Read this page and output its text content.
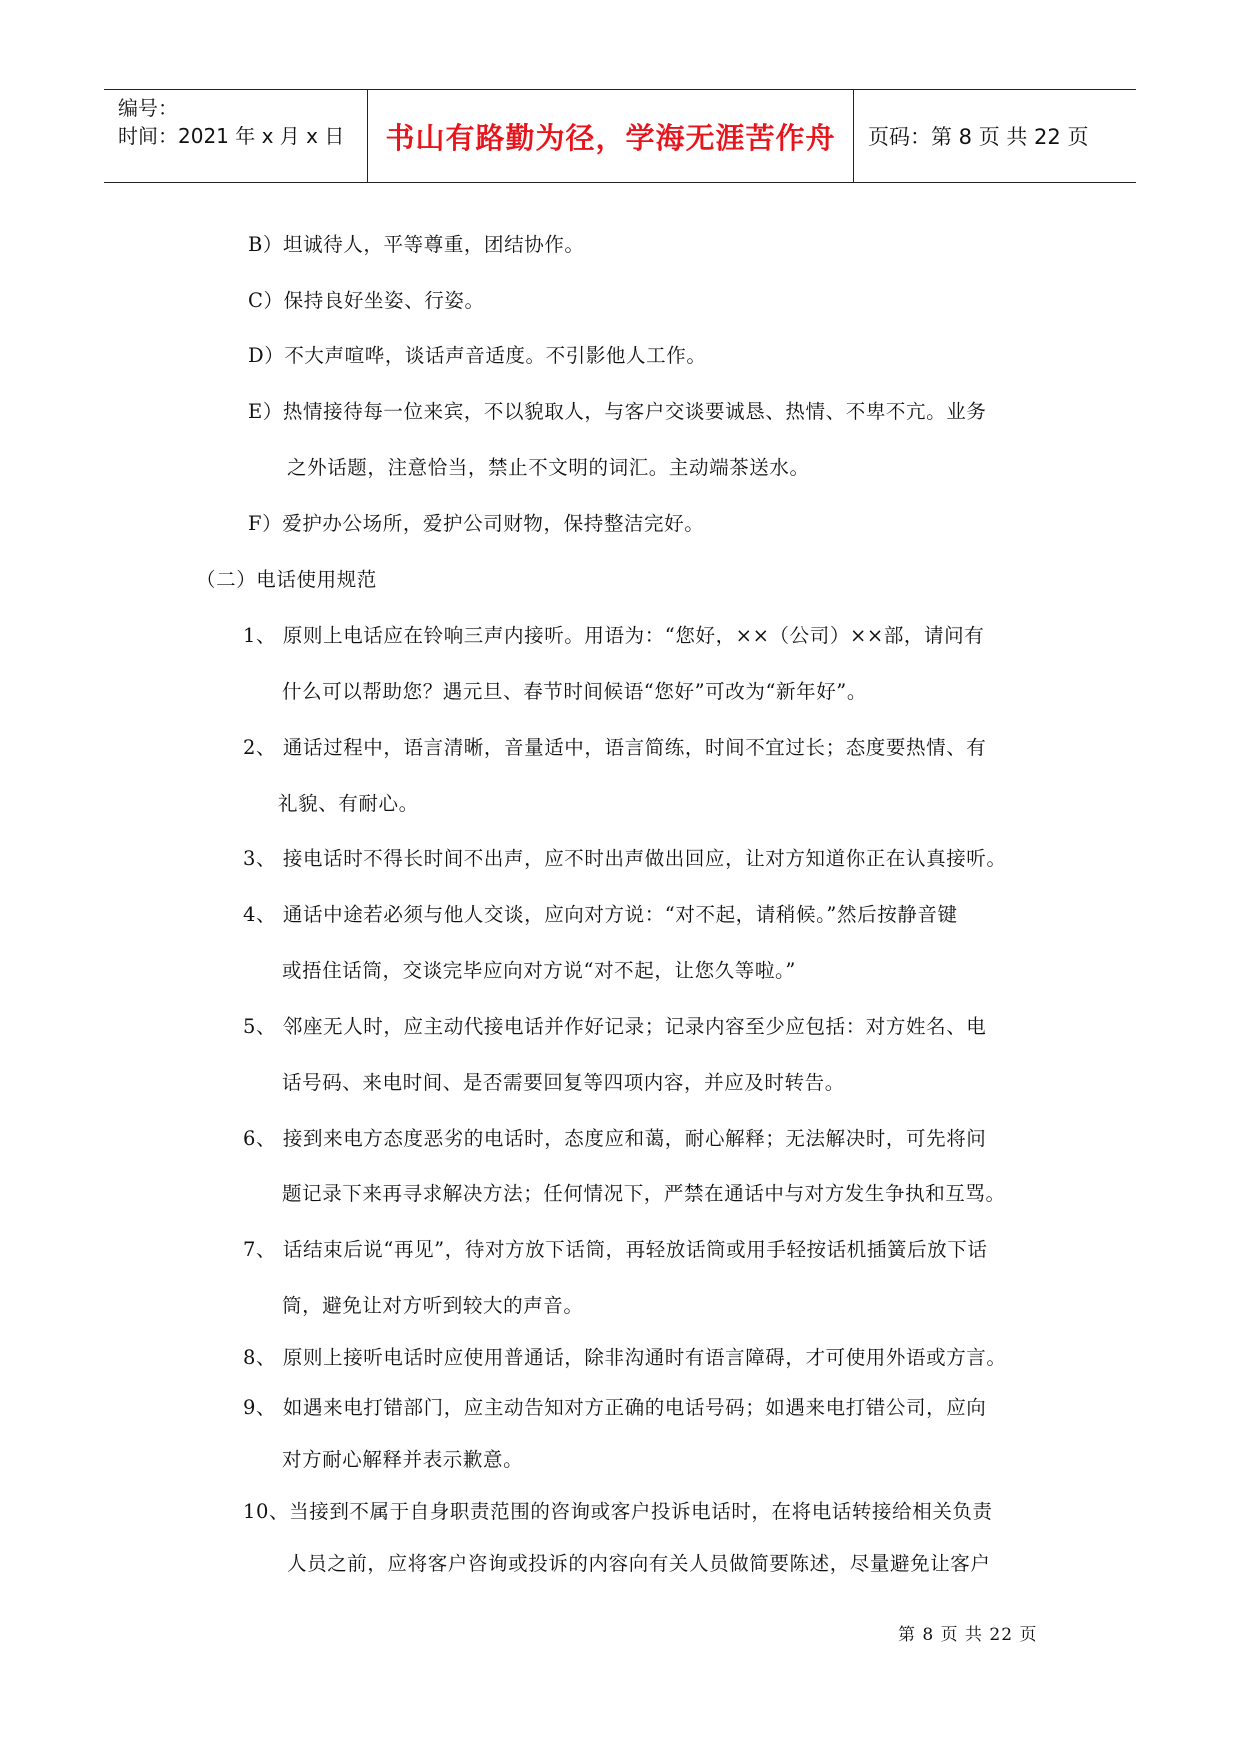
编号：
时间：2021 年 x 月 x 日	书山有路勤为径，学海无涯苦作舟	页码：第 8 页 共 22 页
B）坦诚待人，平等尊重，团结协作。
C）保持良好坐姿、行姿。
D）不大声喧哗，谈话声音适度。不引影他人工作。
E）热情接待每一位来宾，不以貌取人，与客户交谈要诚恳、热情、不卑不亢。业务
之外话题，注意恰当，禁止不文明的词汇。主动端茶送水。
F）爱护办公场所，爱护公司财物，保持整洁完好。
（二）电话使用规范
1、 原则上电话应在铃响三声内接听。用语为：“您好，××（公司）××部，请问有
什么可以帮助您？遇元旦、春节时间候语“您好”可改为“新年好”。
2、 通话过程中，语言清晰，音量适中，语言简练，时间不宜过长；态度要热情、有
礼貌、有耐心。
3、 接电话时不得长时间不出声，应不时出声做出回应，让对方知道你正在认真接听。
4、 通话中途若必须与他人交谈，应向对方说：“对不起，请稍候。”然后按静音键
或捂住话筒，交谈完毕应向对方说“对不起，让您久等啦。”
5、 邻座无人时，应主动代接电话并作好记录；记录内容至少应包括：对方姓名、电
话号码、来电时间、是否需要回复等四项内容，并应及时转告。
6、 接到来电方态度恶劣的电话时，态度应和蔼，耐心解释；无法解决时，可先将问
题记录下来再寻求解决方法；任何情况下，严禁在通话中与对方发生争执和互骂。
7、 话结束后说“再见”，待对方放下话筒，再轻放话筒或用手轻按话机插簧后放下话
筒，避免让对方听到较大的声音。
8、 原则上接听电话时应使用普通话，除非沟通时有语言障碍，才可使用外语或方言。
9、 如遇来电打错部门，应主动告知对方正确的电话号码；如遇来电打错公司，应向
对方耐心解释并表示歉意。
10、当接到不属于自身职责范围的咨询或客户投诉电话时，在将电话转接给相关负责
人员之前，应将客户咨询或投诉的内容向有关人员做简要陈述，尽量避免让客户
第 8 页 共 22 页
